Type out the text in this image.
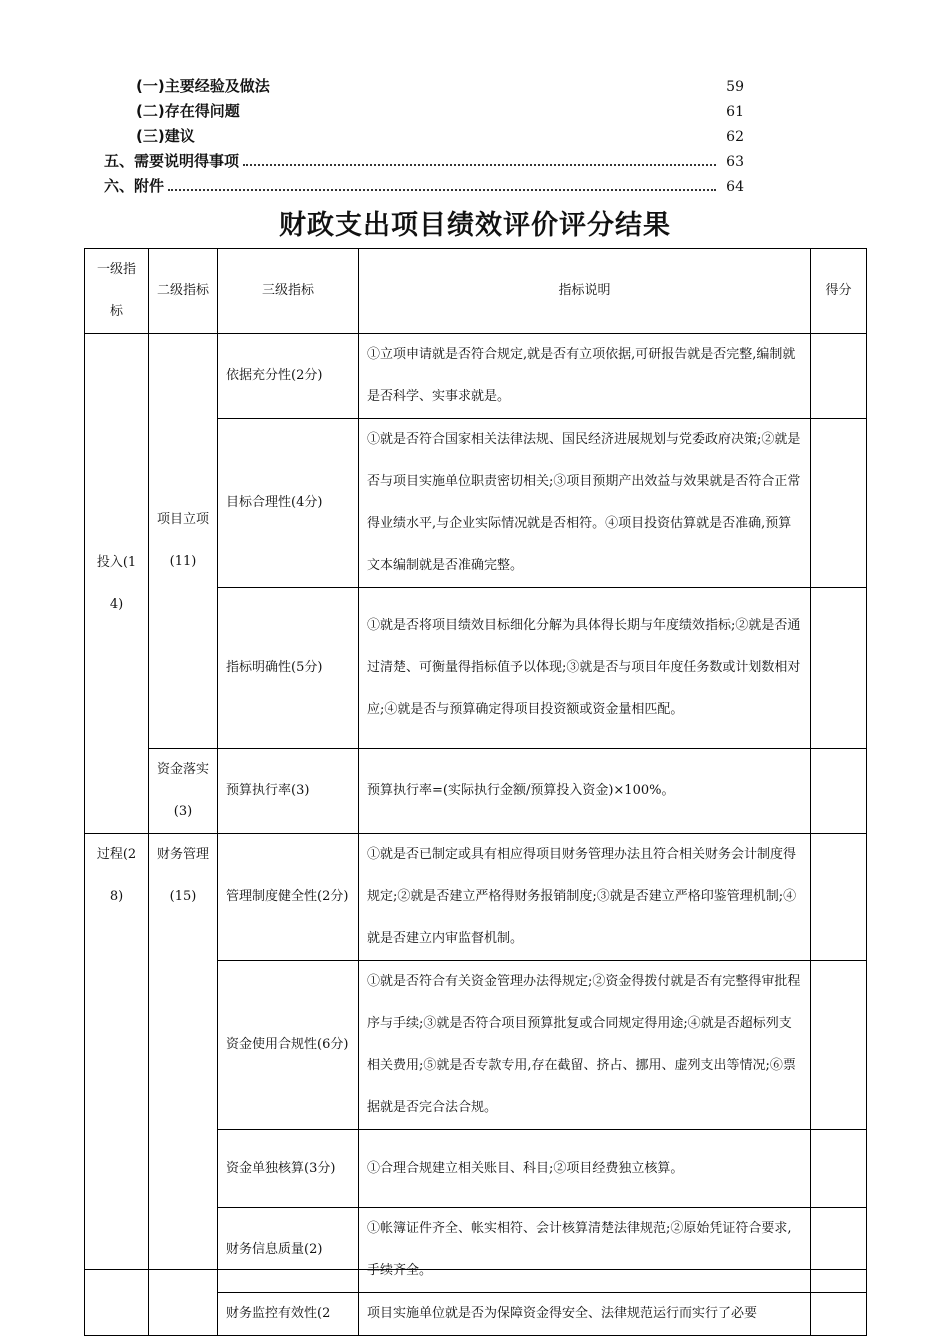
(一)主要经验及做法	59
(二)存在得问题	61
(三)建议	62
五、需要说明得事项	63
六、附件	64
财政支出项目绩效评价评分结果
一级指标	二级指标	三级指标	指标说明	得分
投入(14)	项目立项(11)	依据充分性(2分)	①立项申请就是否符合规定,就是否有立项依据,可研报告就是否完整,编制就是否科学、实事求就是。	
		目标合理性(4分)	①就是否符合国家相关法律法规、国民经济进展规划与党委政府决策;②就是否与项目实施单位职责密切相关;③项目预期产出效益与效果就是否符合正常得业绩水平,与企业实际情况就是否相符。④项目投资估算就是否准确,预算文本编制就是否准确完整。	
		指标明确性(5分)	①就是否将项目绩效目标细化分解为具体得长期与年度绩效指标;②就是否通过清楚、可衡量得指标值予以体现;③就是否与项目年度任务数或计划数相对应;④就是否与预算确定得项目投资额或资金量相匹配。	
	资金落实(3)	预算执行率(3)	预算执行率=(实际执行金额/预算投入资金)×100%。	
过程(28)	财务管理(15)	管理制度健全性(2分)	①就是否已制定或具有相应得项目财务管理办法且符合相关财务会计制度得规定;②就是否建立严格得财务报销制度;③就是否建立严格印鉴管理机制;④就是否建立内审监督机制。	
		资金使用合规性(6分)	①就是否符合有关资金管理办法得规定;②资金得拨付就是否有完整得审批程序与手续;③就是否符合项目预算批复或合同规定得用途;④就是否超标列支相关费用;⑤就是否专款专用,存在截留、挤占、挪用、虚列支出等情况;⑥票据就是否完合法合规。	
		资金单独核算(3分)	①合理合规建立相关账目、科目;②项目经费独立核算。	
		财务信息质量(2)	①帐簿证件齐全、帐实相符、会计核算清楚法律规范;②原始凭证符合要求,手续齐全。	
		财务监控有效性(2	项目实施单位就是否为保障资金得安全、法律规范运行而实行了必要	
